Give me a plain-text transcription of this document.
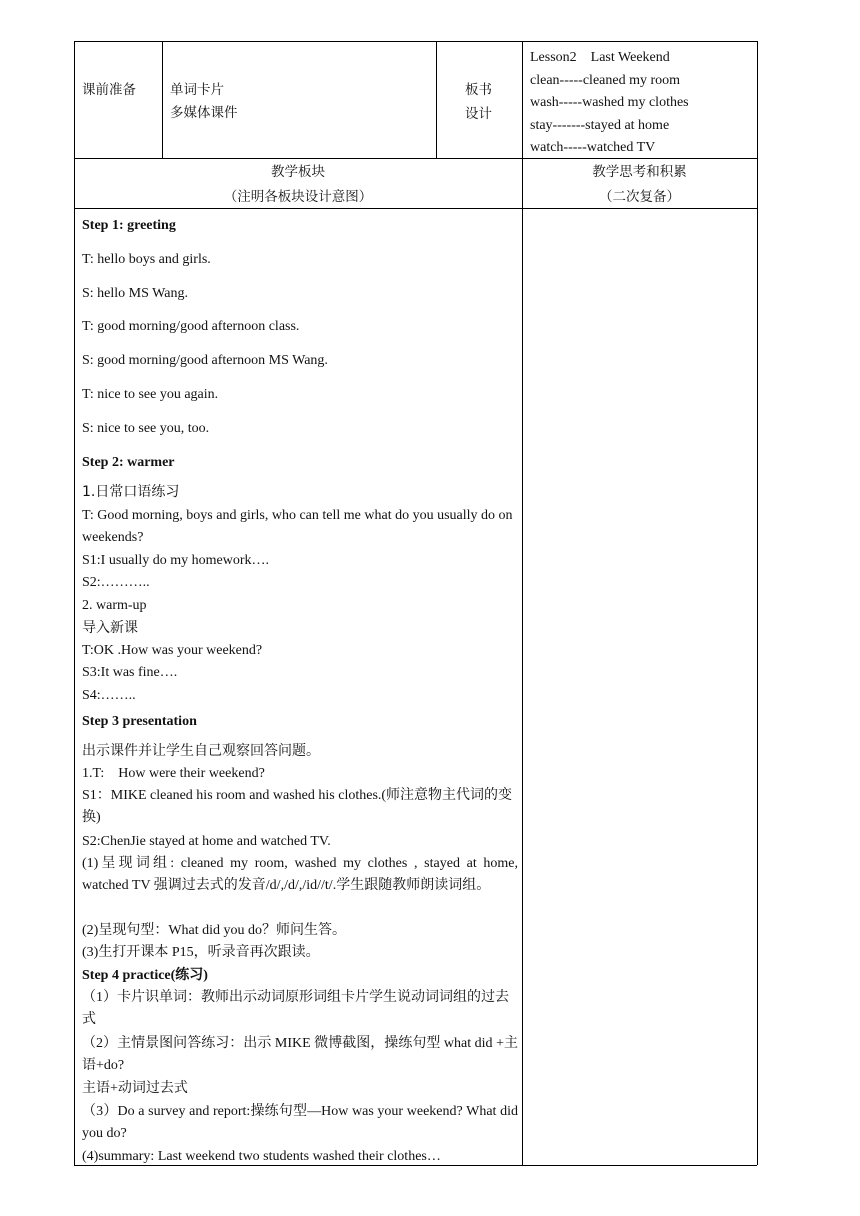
课前准备	单词卡片
多媒体课件
板书
设计
Lesson2    Last Weekend
clean-----cleaned my room
wash-----washed my clothes
stay-------stayed at home
watch-----watched TV
教学板块
（注明各板块设计意图）
教学思考和积累
（二次复备）
Step 1: greeting
T: hello boys and girls.
S: hello MS Wang.
T: good morning/good afternoon class.
S: good morning/good afternoon MS Wang.
T: nice to see you again.
S: nice to see you, too.
Step 2: warmer
1.日常口语练习
T: Good morning, boys and girls, who can tell me what do you usually do on weekends?
S1:I usually do my homework….
S2:………..
2. warm-up
导入新课
T:OK .How was your weekend?
S3:It was fine….
S4:……..
Step 3 presentation
出示课件并让学生自己观察回答问题。
1.T:    How were their weekend?
S1：MIKE cleaned his room and washed his clothes.(师注意物主代词的变换)
S2:ChenJie stayed at home and watched TV.
(1)呈现词组: cleaned my room, washed my clothes , stayed at home, watched TV 强调过去式的发音/d/,/d/,/id//t/.学生跟随教师朗读词组。
(2)呈现句型：What did you do？师问生答。
(3)生打开课本 P15，听录音再次跟读。
Step 4 practice(练习)
（1）卡片识单词：教师出示动词原形词组卡片学生说动词词组的过去式
（2）主情景图问答练习：出示 MIKE 微博截图，操练句型 what did +主语+do?
主语+动词过去式
（3）Do a survey and report:操练句型—How was your weekend? What did you do?
(4)summary: Last weekend two students washed their clothes…
